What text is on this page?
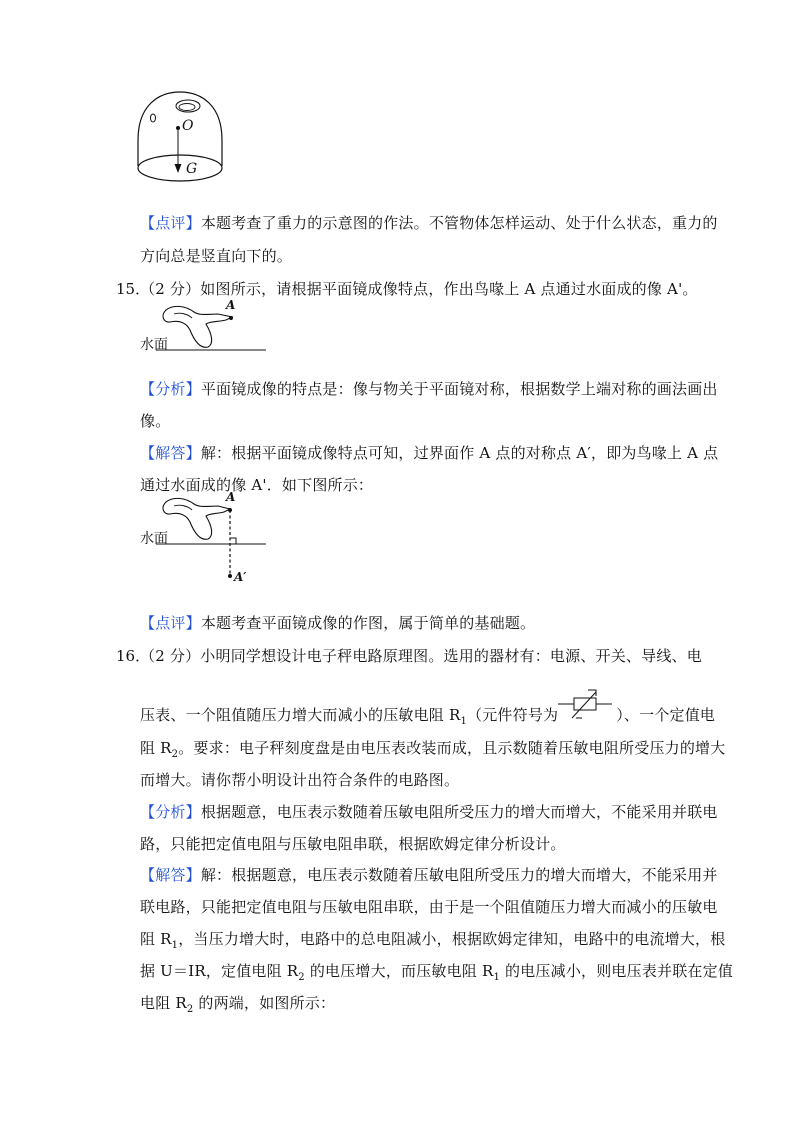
O
G
【点评】本题考查了重力的示意图的作法。不管物体怎样运动、处于什么状态，重力的
方向总是竖直向下的。
15．
（2 分）如图所示，请根据平面镜成像特点，作出鸟喙上 A 点通过水面成的像 A'。
A
水面
【分析】平面镜成像的特点是：像与物关于平面镜对称，根据数学上端对称的画法画出
像。
【解答】解：根据平面镜成像特点可知，过界面作 A 点的对称点 A′，即为鸟喙上 A 点
通过水面成的像 A'．如下图所示：
A
A′
水面
【点评】本题考查平面镜成像的作图，属于简单的基础题。
16．
（2 分）小明同学想设计电子秤电路原理图。选用的器材有：电源、开关、导线、电
压表、一个阻值随压力增大而减小的压敏电阻 $R_1$（元件符号为	）、一个定值电
阻 $R_2$。要求：电子秤刻度盘是由电压表改装而成，且示数随着压敏电阻所受压力的增大
而增大。请你帮小明设计出符合条件的电路图。
【分析】根据题意，电压表示数随着压敏电阻所受压力的增大而增大，不能采用并联电
路，只能把定值电阻与压敏电阻串联，根据欧姆定律分析设计。
【解答】解：根据题意，电压表示数随着压敏电阻所受压力的增大而增大，不能采用并
联电路，只能把定值电阻与压敏电阻串联，由于是一个阻值随压力增大而减小的压敏电
阻 $R_1$，当压力增大时，电路中的总电阻减小，根据欧姆定律知，电路中的电流增大，根
据 U＝IR，定值电阻 $R_2$ 的电压增大，而压敏电阻 $R_1$ 的电压减小，则电压表并联在定值
电阻 $R_2$ 的两端，如图所示：
